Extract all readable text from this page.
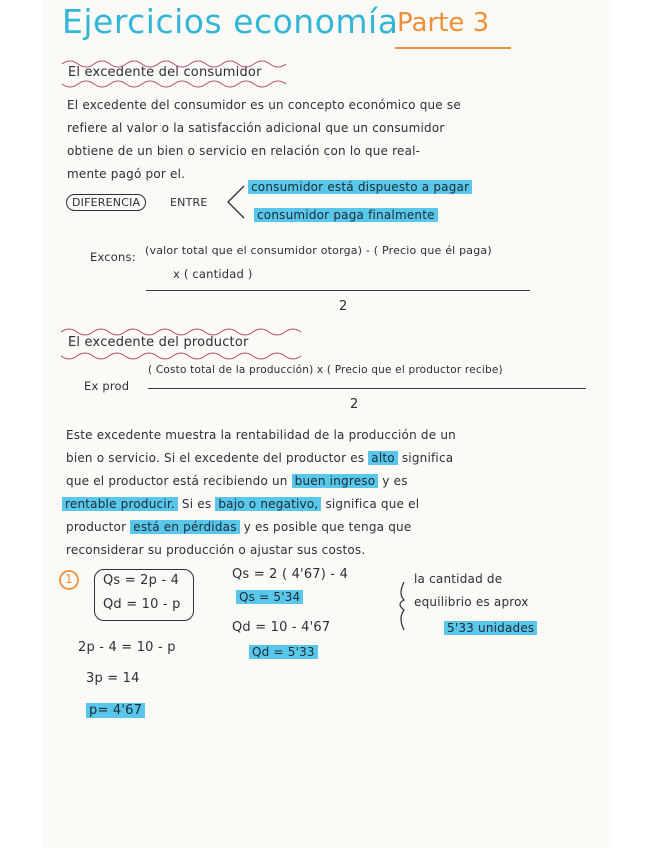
Ejercicios economía
Parte 3
El excedente del consumidor
El excedente del consumidor es un concepto económico que se
refiere al valor o la satisfacción adicional que un consumidor
obtiene de un bien o servicio en relación con lo que real-
mente pagó por el.
DIFERENCIA	ENTRE
consumidor está dispuesto a pagar
consumidor paga finalmente
Excons: (valor total que el consumidor otorga) - ( Precio que él paga)
x ( cantidad )
2
El excedente del productor
Ex prod
( Costo total de la producción) x ( Precio que el productor recibe)
2
Este excedente muestra la rentabilidad de la producción de un
bien o servicio. Si el excedente del productor es alto significa
que el productor está recibiendo un buen ingreso y es
rentable producir. Si es bajo o negativo, significa que el
productor está en pérdidas y es posible que tenga que
reconsiderar su producción o ajustar sus costos.
1 Qs = 2p - 4
Qd = 10 - p
2p - 4 = 10 - p
3p = 14
p= 4'67
Qs = 2 ( 4'67) - 4
Qs = 5'34
Qd = 10 - 4'67
Qd = 5'33
la cantidad de
equilibrio es aprox
5'33 unidades
